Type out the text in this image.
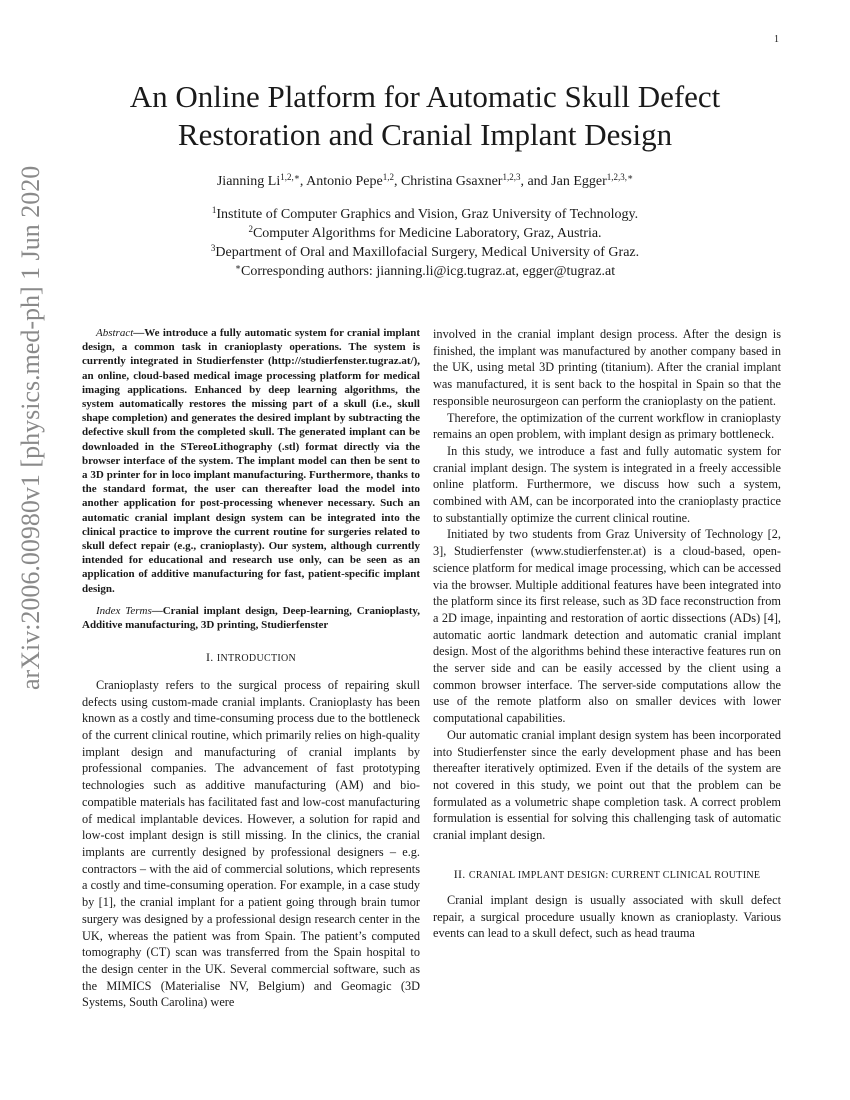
1
arXiv:2006.00980v1 [physics.med-ph] 1 Jun 2020
An Online Platform for Automatic Skull Defect
Restoration and Cranial Implant Design
Jianning $Li^{1,2,∗}$, Antonio Pepe$^{1,2}$, Christina Gsaxner$^{1,2,3}$, and Jan Egger$^{1,2,3,∗}$
$^1$Institute of Computer Graphics and Vision, Graz University of Technology.
$^2$Computer Algorithms for Medicine Laboratory, Graz, Austria.
$^3$Department of Oral and Maxillofacial Surgery, Medical University of Graz.
∗Corresponding authors: jianning.li@icg.tugraz.at, egger@tugraz.at

Abstract—We introduce a fully automatic system for cranial implant design, a common task in cranioplasty operations. The system is currently integrated in Studierfenster (http://studierfenster.tugraz.at/), an online, cloud-based medical image processing platform for medical imaging applications. Enhanced by deep learning algorithms, the system automatically restores the missing part of a skull (i.e., skull shape completion) and generates the desired implant by subtracting the defective skull from the completed skull. The generated implant can be downloaded in the STereoLithography (.stl) format directly via the browser interface of the system. The implant model can then be sent to a 3D printer for in loco implant manufacturing. Furthermore, thanks to the standard format, the user can thereafter load the model into another application for post-processing whenever necessary. Such an automatic cranial implant design system can be integrated into the clinical practice to improve the current routine for surgeries related to skull defect repair (e.g., cranioplasty). Our system, although currently intended for educational and research use only, can be seen as an application of additive manufacturing for fast, patient-specific implant design.

Index Terms—Cranial implant design, Deep-learning, Cranioplasty, Additive manufacturing, 3D printing, Studierfenster

I. INTRODUCTION

Cranioplasty refers to the surgical process of repairing skull defects using custom-made cranial implants. Cranioplasty has been known as a costly and time-consuming process due to the bottleneck of the current clinical routine, which primarily relies on high-quality implant design and manufacturing of cranial implants by professional companies. The advancement of fast prototyping technologies such as additive manufacturing (AM) and bio-compatible materials has facilitated fast and low-cost manufacturing of medical implantable devices. However, a solution for rapid and low-cost implant design is still missing. In the clinics, the cranial implants are currently designed by professional designers – e.g. contractors – with the aid of commercial solutions, which represents a costly and time-consuming operation. For example, in a case study by [1], the cranial implant for a patient going through brain tumor surgery was designed by a professional design research center in the UK, whereas the patient was from Spain. The patient’s computed tomography (CT) scan was transferred from the Spain hospital to the design center in the UK. Several commercial software, such as the MIMICS (Materialise NV, Belgium) and Geomagic (3D Systems, South Carolina) were

involved in the cranial implant design process. After the design is finished, the implant was manufactured by another company based in the UK, using metal 3D printing (titanium). After the cranial implant was manufactured, it is sent back to the hospital in Spain so that the responsible neurosurgeon can perform the cranioplasty on the patient.

Therefore, the optimization of the current workflow in cranioplasty remains an open problem, with implant design as primary bottleneck.

In this study, we introduce a fast and fully automatic system for cranial implant design. The system is integrated in a freely accessible online platform. Furthermore, we discuss how such a system, combined with AM, can be incorporated into the cranioplasty practice to substantially optimize the current clinical routine.

Initiated by two students from Graz University of Technology [2, 3], Studierfenster (www.studierfenster.at) is a cloud-based, open-science platform for medical image processing, which can be accessed via the browser. Multiple additional features have been integrated into the platform since its first release, such as 3D face reconstruction from a 2D image, inpainting and restoration of aortic dissections (ADs) [4], automatic aortic landmark detection and automatic cranial implant design. Most of the algorithms behind these interactive features run on the server side and can be easily accessed by the client using a common browser interface. The server-side computations allow the use of the remote platform also on smaller devices with lower computational capabilities.

Our automatic cranial implant design system has been incorporated into Studierfenster since the early development phase and has been thereafter iteratively optimized. Even if the details of the system are not covered in this study, we point out that the problem can be formulated as a volumetric shape completion task. A correct problem formulation is essential for solving this challenging task of automatic cranial implant design.

II. CRANIAL IMPLANT DESIGN: CURRENT CLINICAL ROUTINE

Cranial implant design is usually associated with skull defect repair, a surgical procedure usually known as cranioplasty. Various events can lead to a skull defect, such as head trauma
